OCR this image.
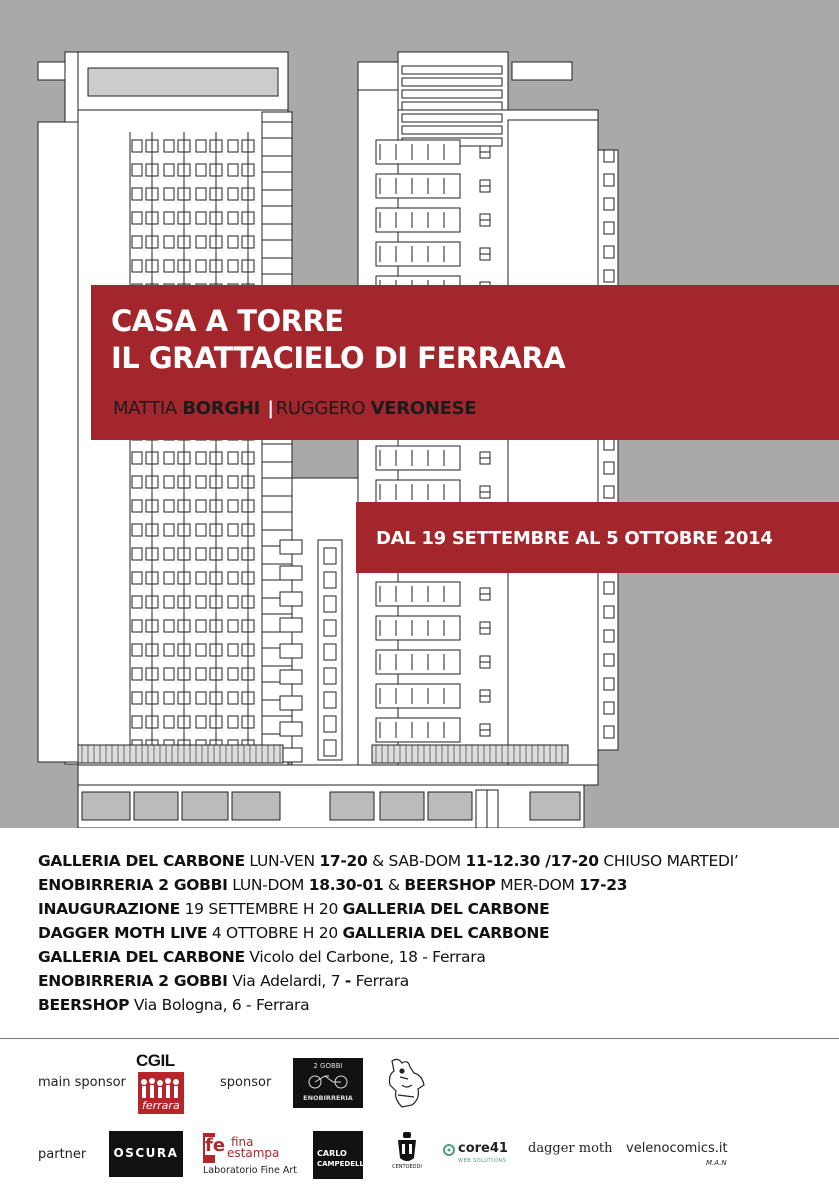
CASA A TORRE
IL GRATTACIELO DI FERRARA
MATTIA BORGHI | RUGGERO VERONESE
DAL 19 SETTEMBRE AL 5 OTTOBRE 2014
GALLERIA DEL CARBONE LUN-VEN 17-20 & SAB-DOM 11-12.30 /17-20 CHIUSO MARTEDI’
ENOBIRRERIA 2 GOBBI LUN-DOM 18.30-01 & BEERSHOP MER-DOM 17-23
INAUGURAZIONE 19 SETTEMBRE H 20 GALLERIA DEL CARBONE
DAGGER MOTH LIVE 4 OTTOBRE H 20 GALLERIA DEL CARBONE
GALLERIA DEL CARBONE Vicolo del Carbone, 18 - Ferrara
ENOBIRRERIA 2 GOBBI Via Adelardi, 7 - Ferrara
BEERSHOP Via Bologna, 6 - Ferrara
main sponsor
CGIL
ferrara
sponsor
2 GOBBI
ENOBIRRERIA
partner	OSCURA fe fina
estampa
Laboratorio Fine Art
CARLO
CAMPEDELLI	CENTOEDDI
core41
WEB SOLUTIONS
dagger moth velenocomics.it
M.A.N
